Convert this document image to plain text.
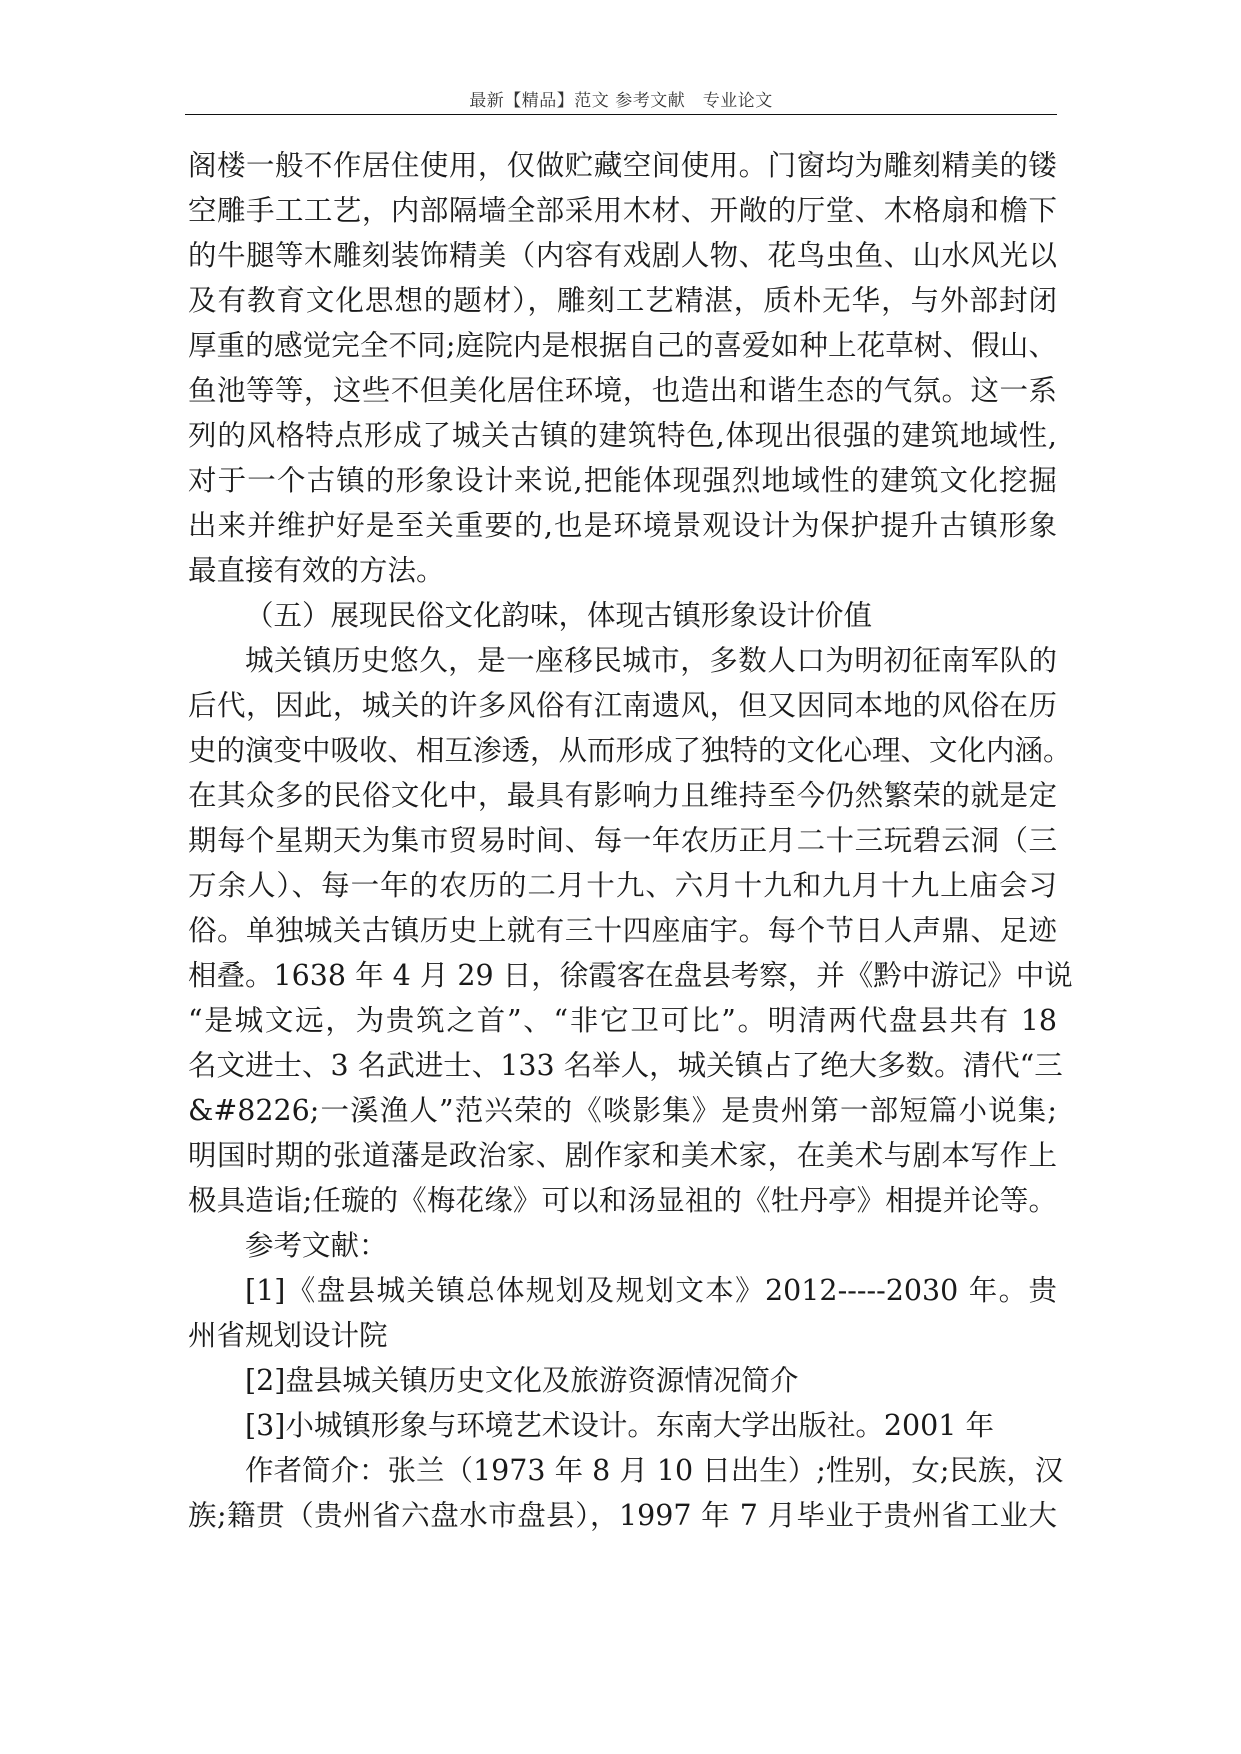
最新【精品】范文 参考文献　专业论文
阁楼一般不作居住使用，仅做贮藏空间使用。门窗均为雕刻精美的镂
空雕手工工艺，内部隔墙全部采用木材、开敞的厅堂、木格扇和檐下
的牛腿等木雕刻装饰精美（内容有戏剧人物、花鸟虫鱼、山水风光以
及有教育文化思想的题材），雕刻工艺精湛，质朴无华，与外部封闭
厚重的感觉完全不同;庭院内是根据自己的喜爱如种上花草树、假山、
鱼池等等，这些不但美化居住环境，也造出和谐生态的气氛。这一系
列的风格特点形成了城关古镇的建筑特色,体现出很强的建筑地域性,
对于一个古镇的形象设计来说,把能体现强烈地域性的建筑文化挖掘
出来并维护好是至关重要的,也是环境景观设计为保护提升古镇形象
最直接有效的方法。
（五）展现民俗文化韵味，体现古镇形象设计价值
城关镇历史悠久，是一座移民城市，多数人口为明初征南军队的
后代，因此，城关的许多风俗有江南遗风，但又因同本地的风俗在历
史的演变中吸收、相互渗透，从而形成了独特的文化心理、文化内涵。
在其众多的民俗文化中，最具有影响力且维持至今仍然繁荣的就是定
期每个星期天为集市贸易时间、每一年农历正月二十三玩碧云洞（三
万余人）、每一年的农历的二月十九、六月十九和九月十九上庙会习
俗。单独城关古镇历史上就有三十四座庙宇。每个节日人声鼎、足迹
相叠。1638 年 4 月 29 日，徐霞客在盘县考察，并《黔中游记》中说
“是城文远，为贵筑之首”、“非它卫可比”。明清两代盘县共有 18
名文进士、3 名武进士、133 名举人，城关镇占了绝大多数。清代“三
&#8226;一溪渔人”范兴荣的《啖影集》是贵州第一部短篇小说集;
明国时期的张道藩是政治家、剧作家和美术家，在美术与剧本写作上
极具造诣;任璇的《梅花缘》可以和汤显祖的《牡丹亭》相提并论等。
参考文献：
[1]《盘县城关镇总体规划及规划文本》2012-----2030 年。贵
州省规划设计院
[2]盘县城关镇历史文化及旅游资源情况简介
[3]小城镇形象与环境艺术设计。东南大学出版社。2001 年
作者简介：张兰（1973 年 8 月 10 日出生）;性别，女;民族，汉
族;籍贯（贵州省六盘水市盘县），1997 年 7 月毕业于贵州省工业大
